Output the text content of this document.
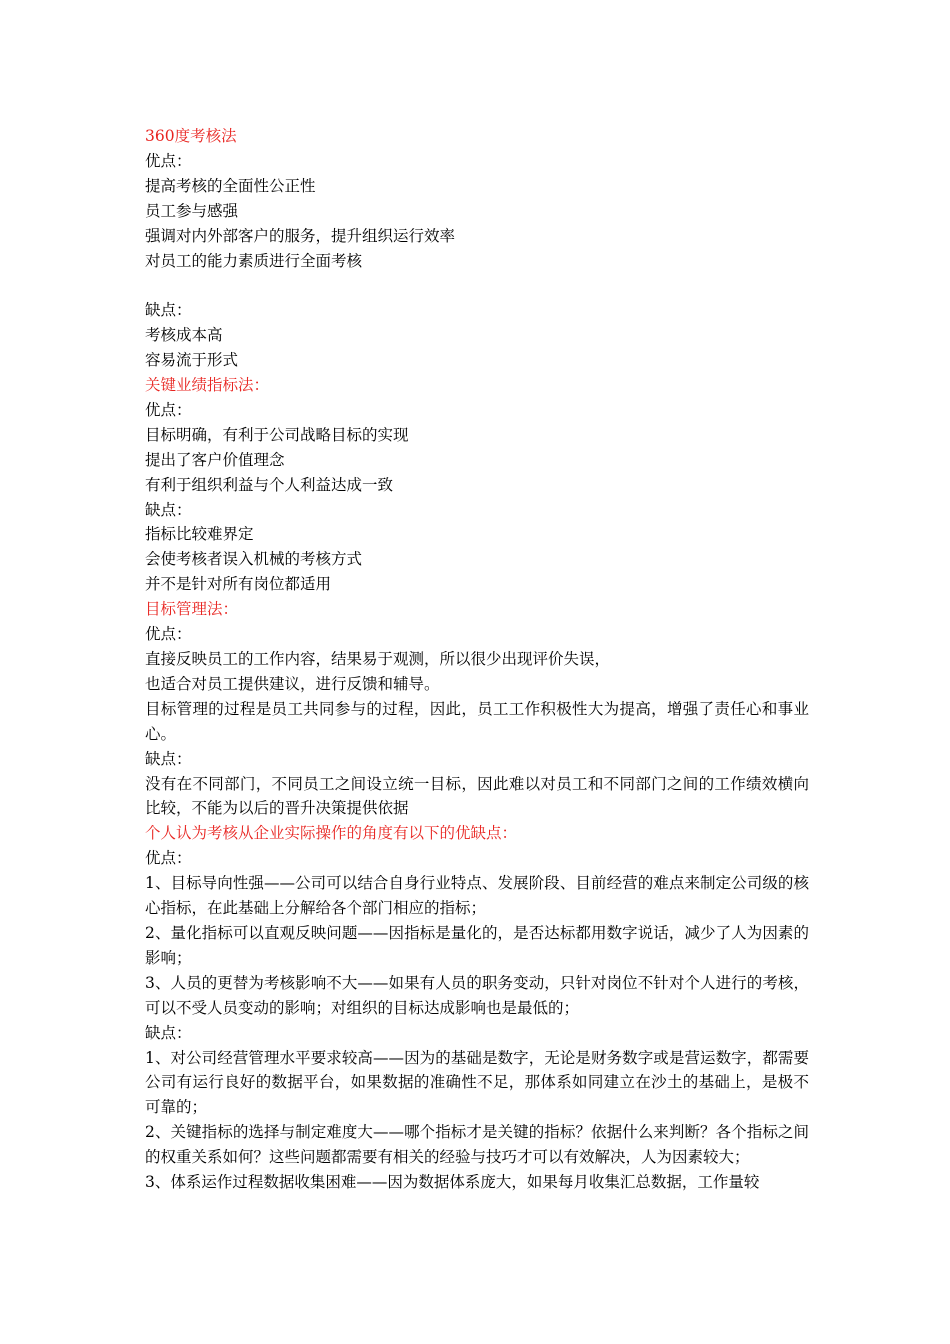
360度考核法
优点：
提高考核的全面性公正性
员工参与感强
强调对内外部客户的服务，提升组织运行效率
对员工的能力素质进行全面考核
缺点：
考核成本高
容易流于形式
关键业绩指标法：
优点：
目标明确，有利于公司战略目标的实现
提出了客户价值理念
有利于组织利益与个人利益达成一致
缺点：
指标比较难界定
会使考核者误入机械的考核方式
并不是针对所有岗位都适用
目标管理法：
优点：
直接反映员工的工作内容，结果易于观测，所以很少出现评价失误，
也适合对员工提供建议，进行反馈和辅导。
目标管理的过程是员工共同参与的过程，因此，员工工作积极性大为提高，增强了责任心和事业心。
缺点：
没有在不同部门，不同员工之间设立统一目标，因此难以对员工和不同部门之间的工作绩效横向比较，不能为以后的晋升决策提供依据
个人认为考核从企业实际操作的角度有以下的优缺点：
优点：
1、目标导向性强——公司可以结合自身行业特点、发展阶段、目前经营的难点来制定公司级的核心指标，在此基础上分解给各个部门相应的指标；
2、量化指标可以直观反映问题——因指标是量化的，是否达标都用数字说话，减少了人为因素的影响；
3、人员的更替为考核影响不大——如果有人员的职务变动，只针对岗位不针对个人进行的考核，可以不受人员变动的影响；对组织的目标达成影响也是最低的；
缺点：
1、对公司经营管理水平要求较高——因为的基础是数字，无论是财务数字或是营运数字，都需要公司有运行良好的数据平台，如果数据的准确性不足，那体系如同建立在沙土的基础上，是极不可靠的；
2、关键指标的选择与制定难度大——哪个指标才是关键的指标？依据什么来判断？各个指标之间的权重关系如何？这些问题都需要有相关的经验与技巧才可以有效解决，人为因素较大；
3、体系运作过程数据收集困难——因为数据体系庞大，如果每月收集汇总数据，工作量较
